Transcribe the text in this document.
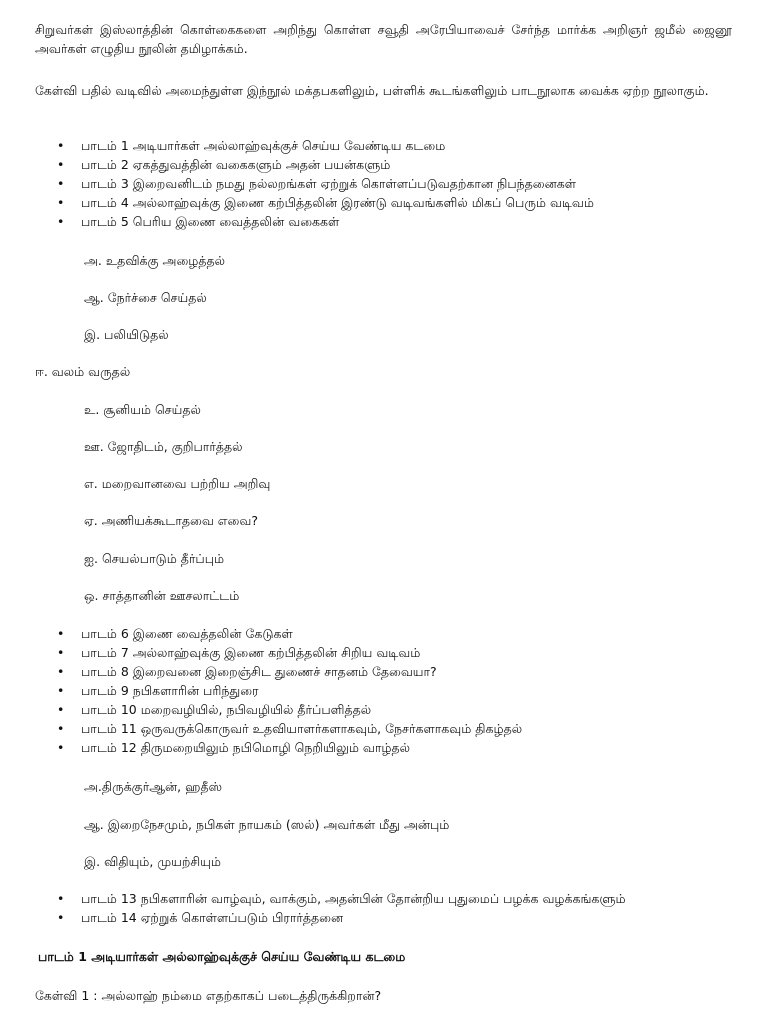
சிறுவர்கள் இஸ்லாத்தின் கொள்கைகளை அறிந்து கொள்ள சவூதி அரேபியாவைச் சேர்ந்த மார்க்க அறிஞர் ஜமீல் ஜைனூ அவர்கள் எழுதிய நூலின் தமிழாக்கம்.

கேள்வி பதில் வடிவில் அமைந்துள்ள இந்நூல் மக்தபகளிலும், பள்ளிக் கூடங்களிலும் பாடநூலாக வைக்க ஏற்ற நூலாகும்.

• பாடம் 1 அடியார்கள் அல்லாஹ்வுக்குச் செய்ய வேண்டிய கடமை
• பாடம் 2 ஏகத்துவத்தின் வகைகளும் அதன் பயன்களும்
• பாடம் 3 இறைவனிடம் நமது நல்லறங்கள் ஏற்றுக் கொள்ளப்படுவதற்கான நிபந்தனைகள்
• பாடம் 4 அல்லாஹ்வுக்கு இணை கற்பித்தலின் இரண்டு வடிவங்களில் மிகப் பெரும் வடிவம்
• பாடம் 5 பெரிய இணை வைத்தலின் வகைகள்
அ. உதவிக்கு அழைத்தல்
ஆ. நேர்ச்சை செய்தல்
இ. பலியிடுதல்
ஈ. வலம் வருதல்
உ. சூனியம் செய்தல்
ஊ. ஜோதிடம், குறிபார்த்தல்
எ. மறைவானவை பற்றிய அறிவு
ஏ. அணியக்கூடாதவை எவை?
ஐ. செயல்பாடும் தீர்ப்பும்
ஒ. சாத்தானின் ஊசலாட்டம்
• பாடம் 6 இணை வைத்தலின் கேடுகள்
• பாடம் 7 அல்லாஹ்வுக்கு இணை கற்பித்தலின் சிறிய வடிவம்
• பாடம் 8 இறைவனை இறைஞ்சிட துணைச் சாதனம் தேவையா?
• பாடம் 9 நபிகளாரின் பரிந்துரை
• பாடம் 10 மறைவழியில், நபிவழியில் தீர்ப்பளித்தல்
• பாடம் 11 ஒருவருக்கொருவர் உதவியாளர்களாகவும், நேசர்களாகவும் திகழ்தல்
• பாடம் 12 திருமறையிலும் நபிமொழி நெறியிலும் வாழ்தல்
அ.திருக்குர்ஆன், ஹதீஸ்
ஆ. இறைநேசமும், நபிகள் நாயகம் (ஸல்) அவர்கள் மீது அன்பும்
இ. விதியும், முயற்சியும்
• பாடம் 13 நபிகளாரின் வாழ்வும், வாக்கும், அதன்பின் தோன்றிய புதுமைப் பழக்க வழக்கங்களும்
• பாடம் 14 ஏற்றுக் கொள்ளப்படும் பிரார்த்தனை
பாடம் 1 அடியார்கள் அல்லாஹ்வுக்குச் செய்ய வேண்டிய கடமை
கேள்வி 1 : அல்லாஹ் நம்மை எதற்காகப் படைத்திருக்கிறான்?
